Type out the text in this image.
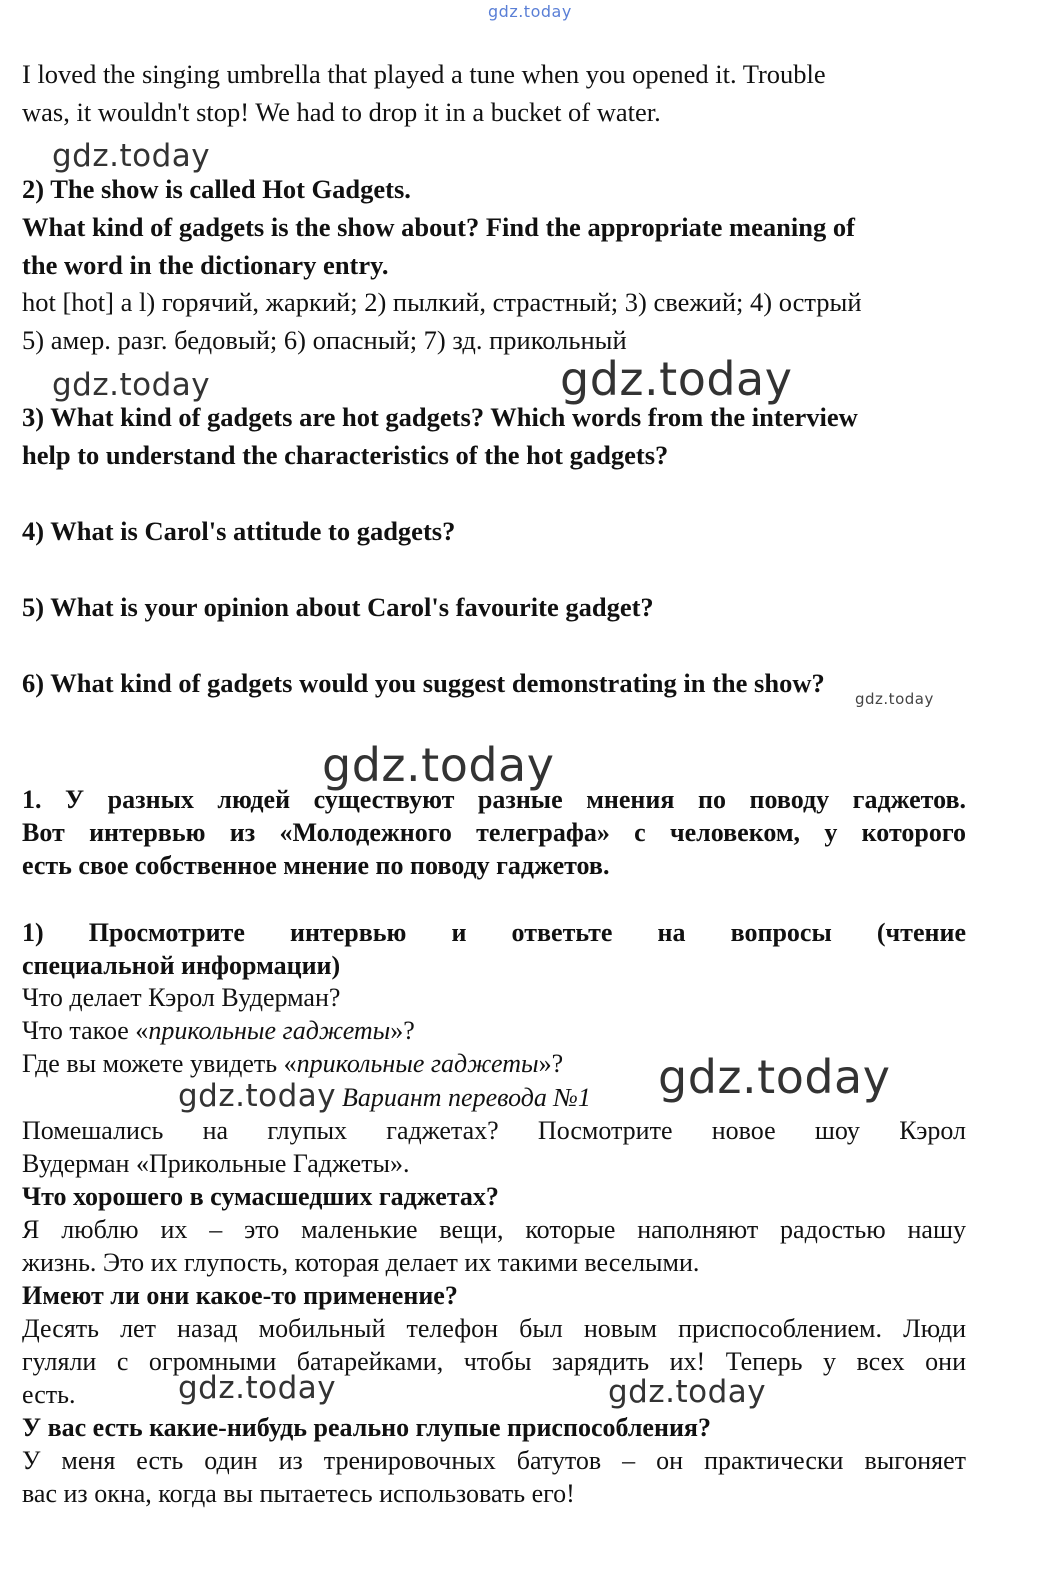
gdz.today
I loved the singing umbrella that played a tune when you opened it. Trouble
was, it wouldn't stop! We had to drop it in a bucket of water.
gdz.today
2) The show is called Hot Gadgets.
What kind of gadgets is the show about? Find the appropriate meaning of
the word in the dictionary entry.
hot [hot] a l) горячий, жаркий; 2) пылкий, страстный; 3) свежий; 4) острый
5) амер. разг. бедовый; 6) опасный; 7) зд. прикольный
gdz.today	gdz.today
3) What kind of gadgets are hot gadgets? Which words from the interview
help to understand the characteristics of the hot gadgets?
4) What is Carol's attitude to gadgets?
5) What is your opinion about Carol's favourite gadget?
6) What kind of gadgets would you suggest demonstrating in the show?
gdz.today
gdz.today
1. У разных людей существуют разные мнения по поводу гаджетов.
Вот интервью из «Молодежного телеграфа» с человеком, у которого
есть свое собственное мнение по поводу гаджетов.
1) Просмотрите интервью и ответьте на вопросы (чтение
специальной информации)
Что делает Кэрол Вудерман?
Что такое «прикольные гаджеты»?
Где вы можете увидеть «прикольные гаджеты»? gdz.today
gdz.today Вариант перевода №1
Помешались на глупых гаджетах? Посмотрите новое шоу Кэрол
Вудерман «Прикольные Гаджеты».
Что хорошего в сумасшедших гаджетах?
Я люблю их – это маленькие вещи, которые наполняют радостью нашу
жизнь. Это их глупость, которая делает их такими веселыми.
Имеют ли они какое-то применение?
Десять лет назад мобильный телефон был новым приспособлением. Люди
гуляли с огромными батарейками, чтобы зарядить их! Теперь у всех они
есть.	gdz.today	gdz.today
У вас есть какие-нибудь реально глупые приспособления?
У меня есть один из тренировочных батутов – он практически выгоняет
вас из окна, когда вы пытаетесь использовать его!
